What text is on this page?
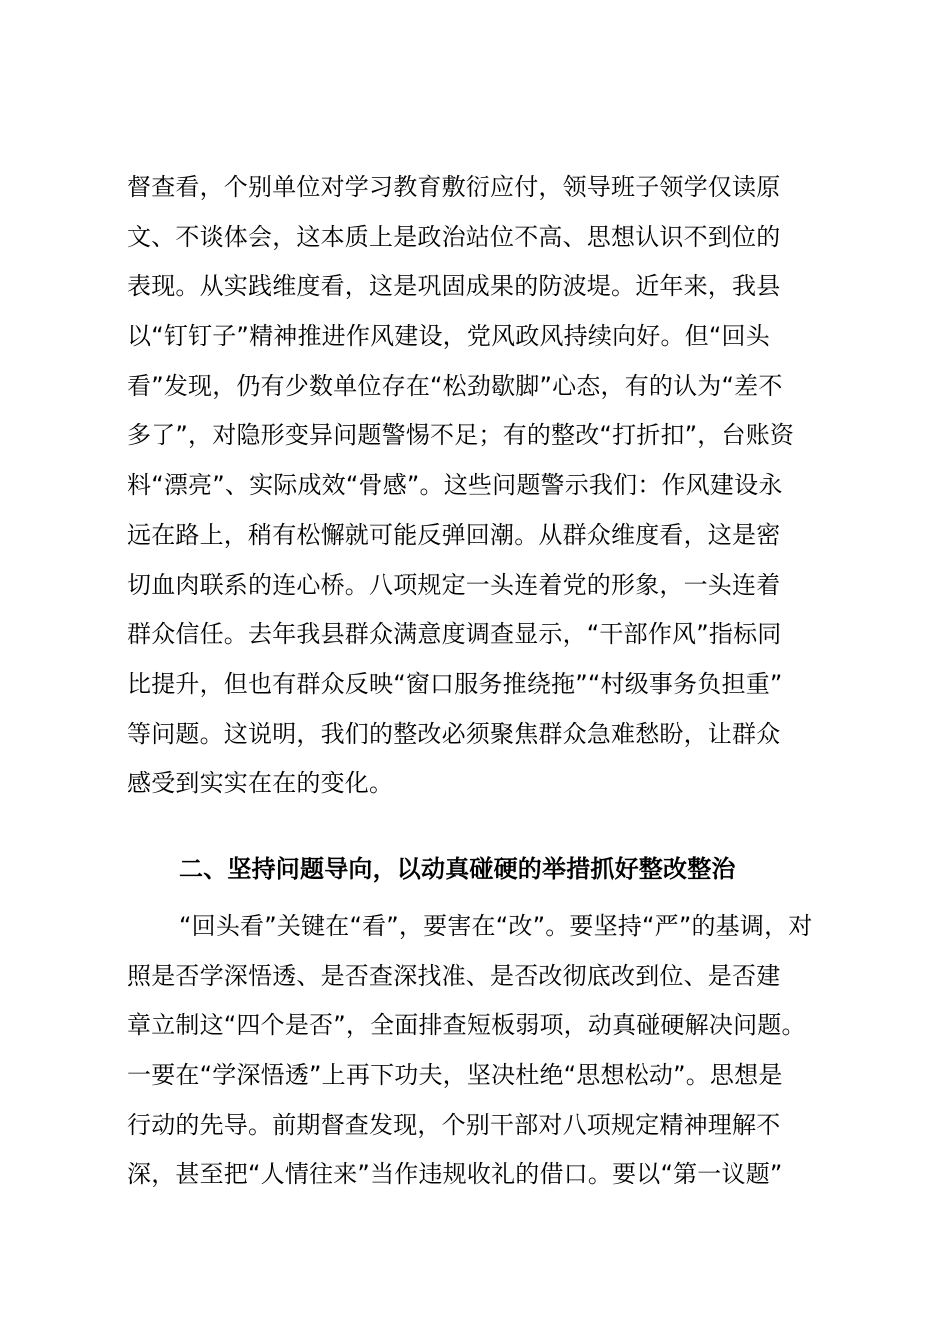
督查看，个别单位对学习教育敷衍应付，领导班子领学仅读原
文、不谈体会，这本质上是政治站位不高、思想认识不到位的
表现。从实践维度看，这是巩固成果的防波堤。近年来，我县
以“钉钉子”精神推进作风建设，党风政风持续向好。但“回头
看”发现，仍有少数单位存在“松劲歇脚”心态，有的认为“差不
多了”，对隐形变异问题警惕不足；有的整改“打折扣”，台账资
料“漂亮”、实际成效“骨感”。这些问题警示我们：作风建设永
远在路上，稍有松懈就可能反弹回潮。从群众维度看，这是密
切血肉联系的连心桥。八项规定一头连着党的形象，一头连着
群众信任。去年我县群众满意度调查显示，“干部作风”指标同
比提升，但也有群众反映“窗口服务推绕拖”“村级事务负担重”
等问题。这说明，我们的整改必须聚焦群众急难愁盼，让群众
感受到实实在在的变化。
二、坚持问题导向，以动真碰硬的举措抓好整改整治
“回头看”关键在“看”，要害在“改”。要坚持“严”的基调，对
照是否学深悟透、是否查深找准、是否改彻底改到位、是否建
章立制这“四个是否”，全面排查短板弱项，动真碰硬解决问题。
一要在“学深悟透”上再下功夫，坚决杜绝“思想松动”。思想是
行动的先导。前期督查发现，个别干部对八项规定精神理解不
深，甚至把“人情往来”当作违规收礼的借口。要以“第一议题”
